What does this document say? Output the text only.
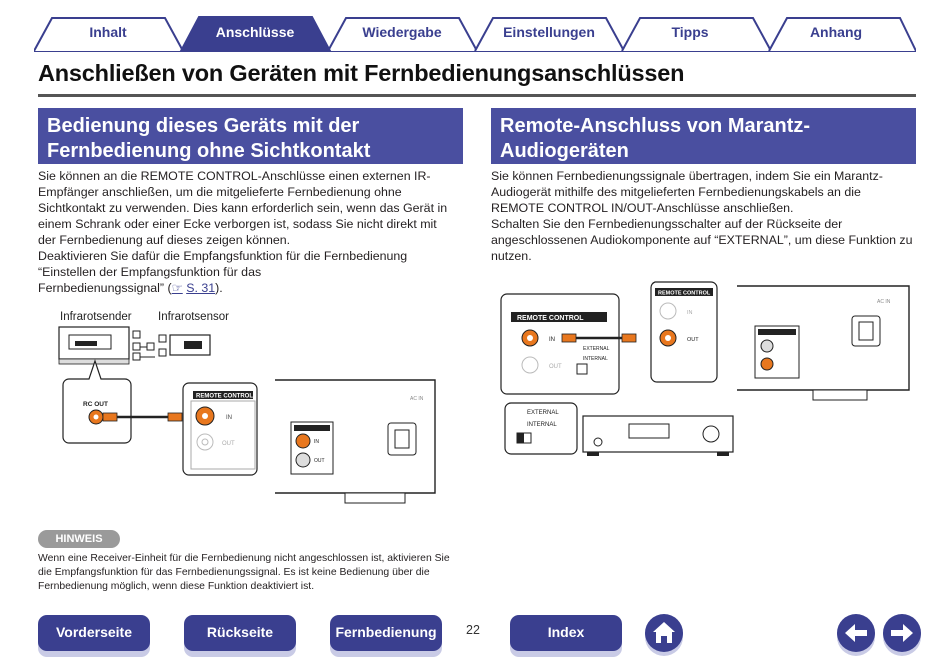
Inhalt	Anschlüsse	Wiedergabe	Einstellungen	Tipps	Anhang
Anschließen von Geräten mit Fernbedienungsanschlüssen
Bedienung dieses Geräts mit der
Fernbedienung ohne Sichtkontakt

Sie können an die REMOTE CONTROL-Anschlüsse einen externen IR-Empfänger anschließen, um die mitgelieferte Fernbedienung ohne Sichtkontakt zu verwenden. Dies kann erforderlich sein, wenn das Gerät in einem Schrank oder einer Ecke verborgen ist, sodass Sie nicht direkt mit der Fernbedienung auf dieses zeigen können.

Deaktivieren Sie dafür die Empfangsfunktion für die Fernbedienung

“Einstellen der Empfangsfunktion für das

Fernbedienungssignal” (☞ S. 31).

Remote-Anschluss von Marantz-
Audiogeräten

Sie können Fernbedienungssignale übertragen, indem Sie ein Marantz-Audiogerät mithilfe des mitgelieferten Fernbedienungskabels an die REMOTE CONTROL IN/OUT-Anschlüsse anschließen.

Schalten Sie den Fernbedienungsschalter auf der Rückseite der angeschlossenen Audiokomponente auf “EXTERNAL”, um diese Funktion zu nutzen.

Infrarotsender Infrarotsensor
RC OUT
REMOTE CONTROL
IN
OUT	IN
OUT
AC IN
REMOTE CONTROL
IN
OUT
EXTERNAL
INTERNAL
REMOTE CONTROL
IN
OUT
AC IN
EXTERNAL
INTERNAL
HINWEIS
Wenn eine Receiver-Einheit für die Fernbedienung nicht angeschlossen ist, aktivieren Sie die Empfangsfunktion für das Fernbedienungssignal. Es ist keine Bedienung über die Fernbedienung möglich, wenn diese Funktion deaktiviert ist.
Vorderseite	Rückseite	Fernbedienung	22	Index
